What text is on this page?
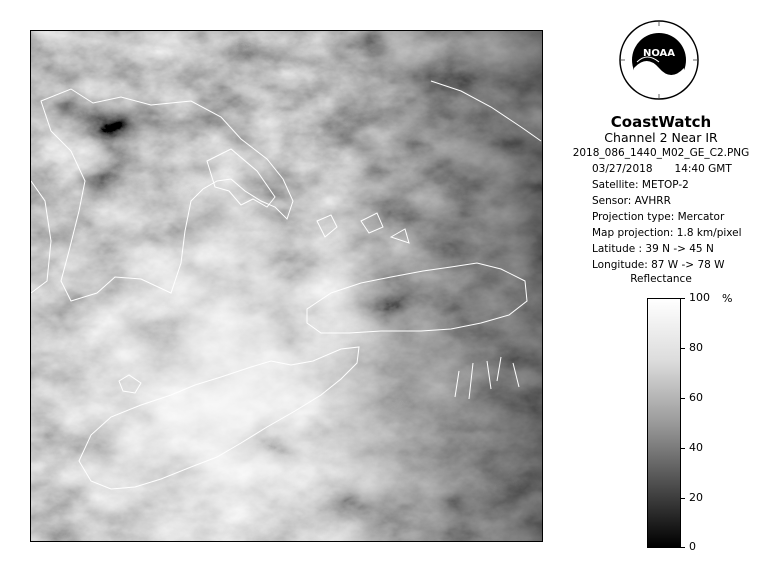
NOAA
CoastWatch
Channel 2 Near IR
2018_086_1440_M02_GE_C2.PNG
03/27/2018 14:40 GMT
Satellite: METOP-2
Sensor: AVHRR
Projection type: Mercator
Map projection: 1.8 km/pixel
Latitude : 39 N -> 45 N
Longitude: 87 W -> 78 W
Reflectance
%
100
80
60
40
20
0
